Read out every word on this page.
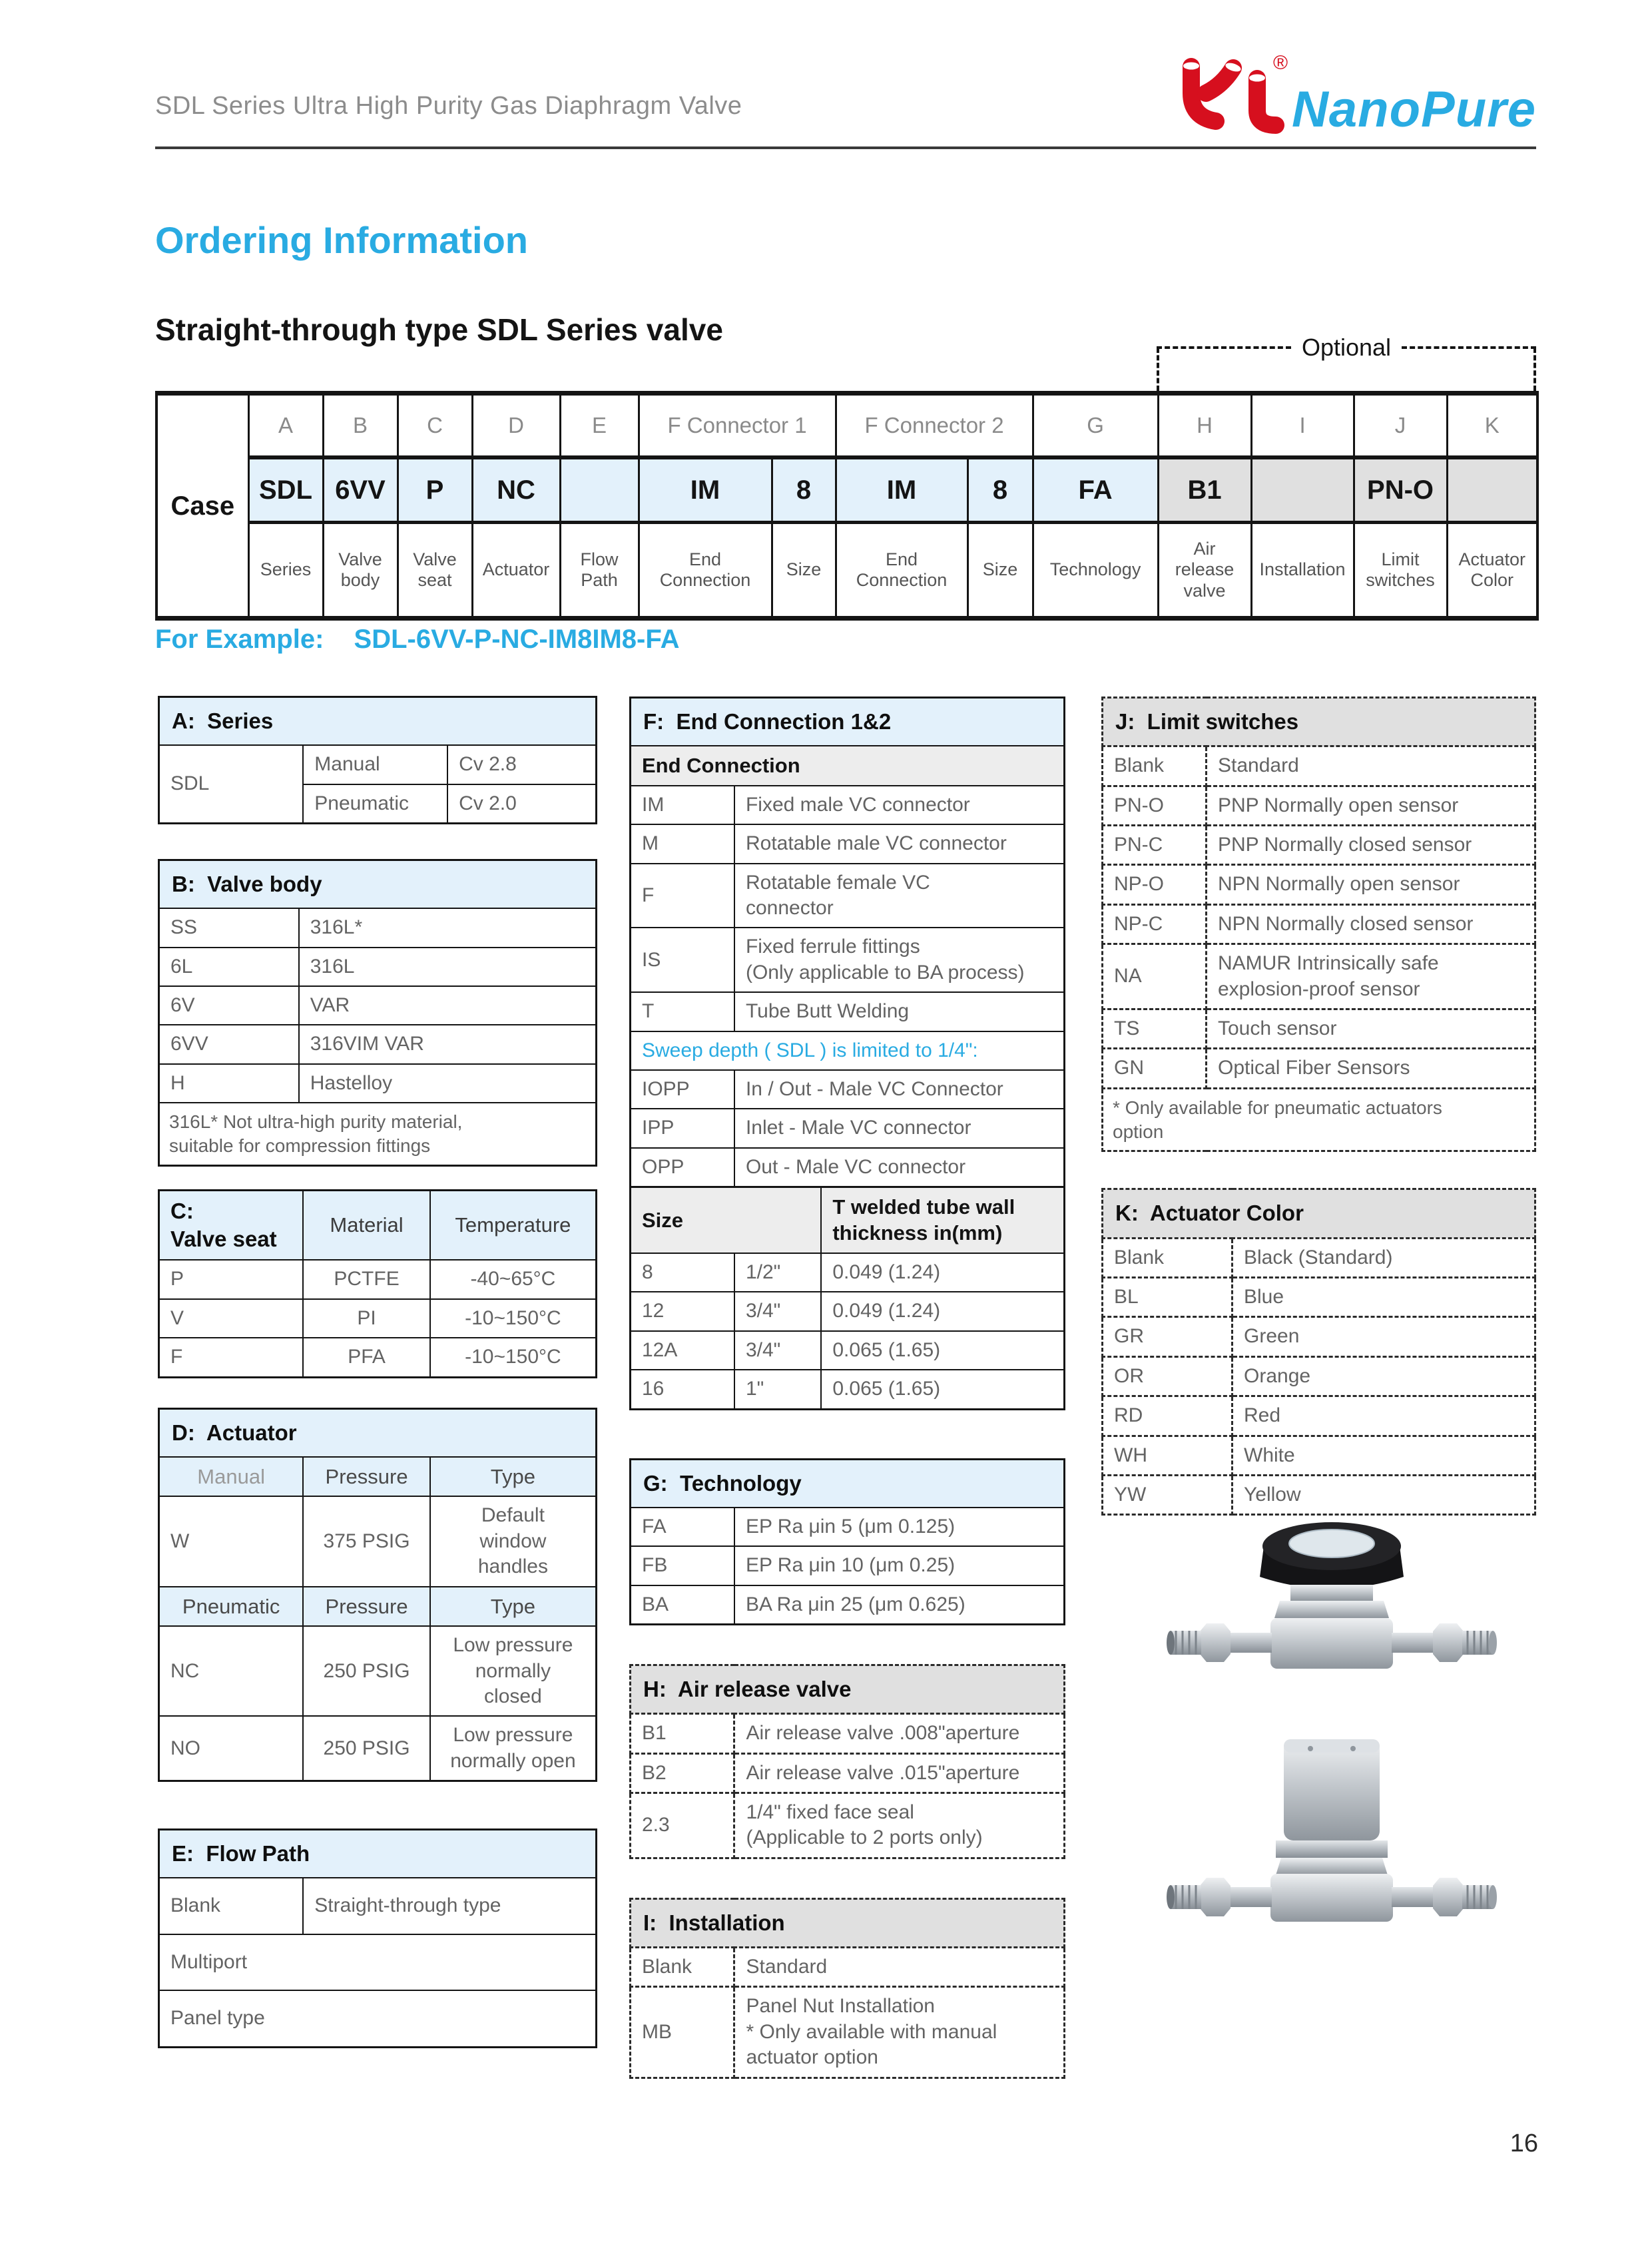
SDL Series Ultra High Purity Gas Diaphragm Valve
®
NanoPure
Ordering Information
Straight-through type SDL Series valve
Optional
Case	A	B	C	D	E	F Connector 1		F Connector 2		G	H	I	J	K
	SDL	6VV	P	NC		IM	8	IM	8	FA	B1		PN-O	
	Series	Valve body	Valve seat	Actuator	Flow Path	End Connection	Size	End Connection	Size	Technology	Air release valve	Installation	Limit switches	Actuator Color
For Example: SDL-6VV-P-NC-IM8IM8-FA
A:  Series		
SDL	Manual	Cv 2.8
	Pneumatic	Cv 2.0
B:  Valve body	
SS	316L*
6L	316L
6V	VAR
6VV	316VIM VAR
H	Hastelloy
316L* Not ultra-high purity material,
suitable for compression fittings	
C:
Valve seat	Material	Temperature
P	PCTFE	-40~65°C
V	PI	-10~150°C
F	PFA	-10~150°C
D:  Actuator		
Manual	Pressure	Type
W	375 PSIG	Default
window
handles
Pneumatic	Pressure	Type
NC	250 PSIG	Low pressure
normally
closed
NO	250 PSIG	Low pressure
normally open
E:  Flow Path
Blank	Straight-through type
Multiport
Panel type
F:  End Connection 1&2	
End Connection	
IM	Fixed male VC connector
M	Rotatable male VC connector
F	Rotatable female VC
connector
IS	Fixed ferrule fittings
(Only applicable to BA process)
T	Tube Butt Welding
Sweep depth ( SDL ) is limited to 1/4":	
IOPP	In / Out - Male VC Connector
IPP	Inlet - Male VC connector
OPP	Out - Male VC connector
Size		T welded tube wall
thickness in(mm)
8	1/2"	0.049 (1.24)
12	3/4"	0.049 (1.24)
12A	3/4"	0.065 (1.65)
16	1"	0.065 (1.65)
G:  Technology	
FA	EP Ra μin 5 (μm 0.125)
FB	EP Ra μin 10 (μm 0.25)
BA	BA Ra μin 25 (μm 0.625)
H:  Air release valve	
B1	Air release valve .008"aperture
B2	Air release valve .015"aperture
2.3	1/4" fixed face seal
(Applicable to 2 ports only)
I:  Installation	
Blank	Standard
MB	Panel Nut Installation
* Only available with manual
actuator option
J:  Limit switches	
Blank	Standard
PN-O	PNP Normally open sensor
PN-C	PNP Normally closed sensor
NP-O	NPN Normally open sensor
NP-C	NPN Normally closed sensor
NA	NAMUR Intrinsically safe
explosion-proof sensor
TS	Touch sensor
GN	Optical Fiber Sensors
* Only available for pneumatic actuators
option	
K:  Actuator Color	
Blank	Black (Standard)
BL	Blue
GR	Green
OR	Orange
RD	Red
WH	White
YW	Yellow
16
